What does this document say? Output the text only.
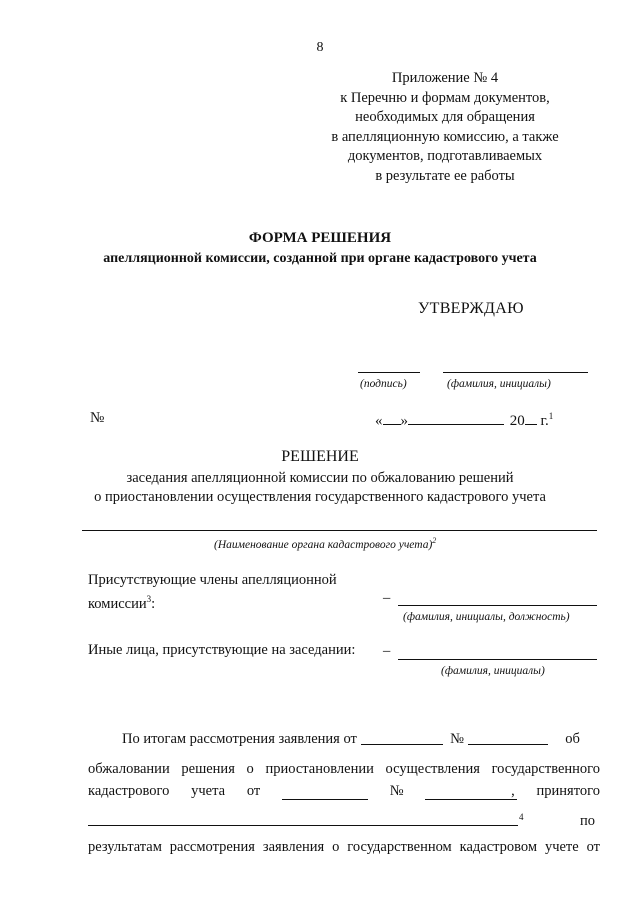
8
Приложение № 4
к Перечню и формам документов,
необходимых для обращения
в апелляционную комиссию, а также
документов, подготавливаемых
в результате ее работы
ФОРМА РЕШЕНИЯ
апелляционной комиссии, созданной при органе кадастрового учета
УТВЕРЖДАЮ
(подпись)	(фамилия, инициалы)
№	« »	20 г.$^1$
РЕШЕНИЕ
заседания апелляционной комиссии по обжалованию решений
о приостановлении осуществления государственного кадастрового учета
(Наименование органа кадастрового учета)$^2$
Присутствующие члены апелляционной
комиссии$^3$:	–
(фамилия, инициалы, должность)
Иные лица, присутствующие на заседании: –
(фамилия, инициалы)
По итогам рассмотрения заявления от	№	об
обжаловании решения о приостановлении осуществления государственного
кадастрового учета от	№	, принятого
4	по
результатам рассмотрения заявления о государственном кадастровом учете от
